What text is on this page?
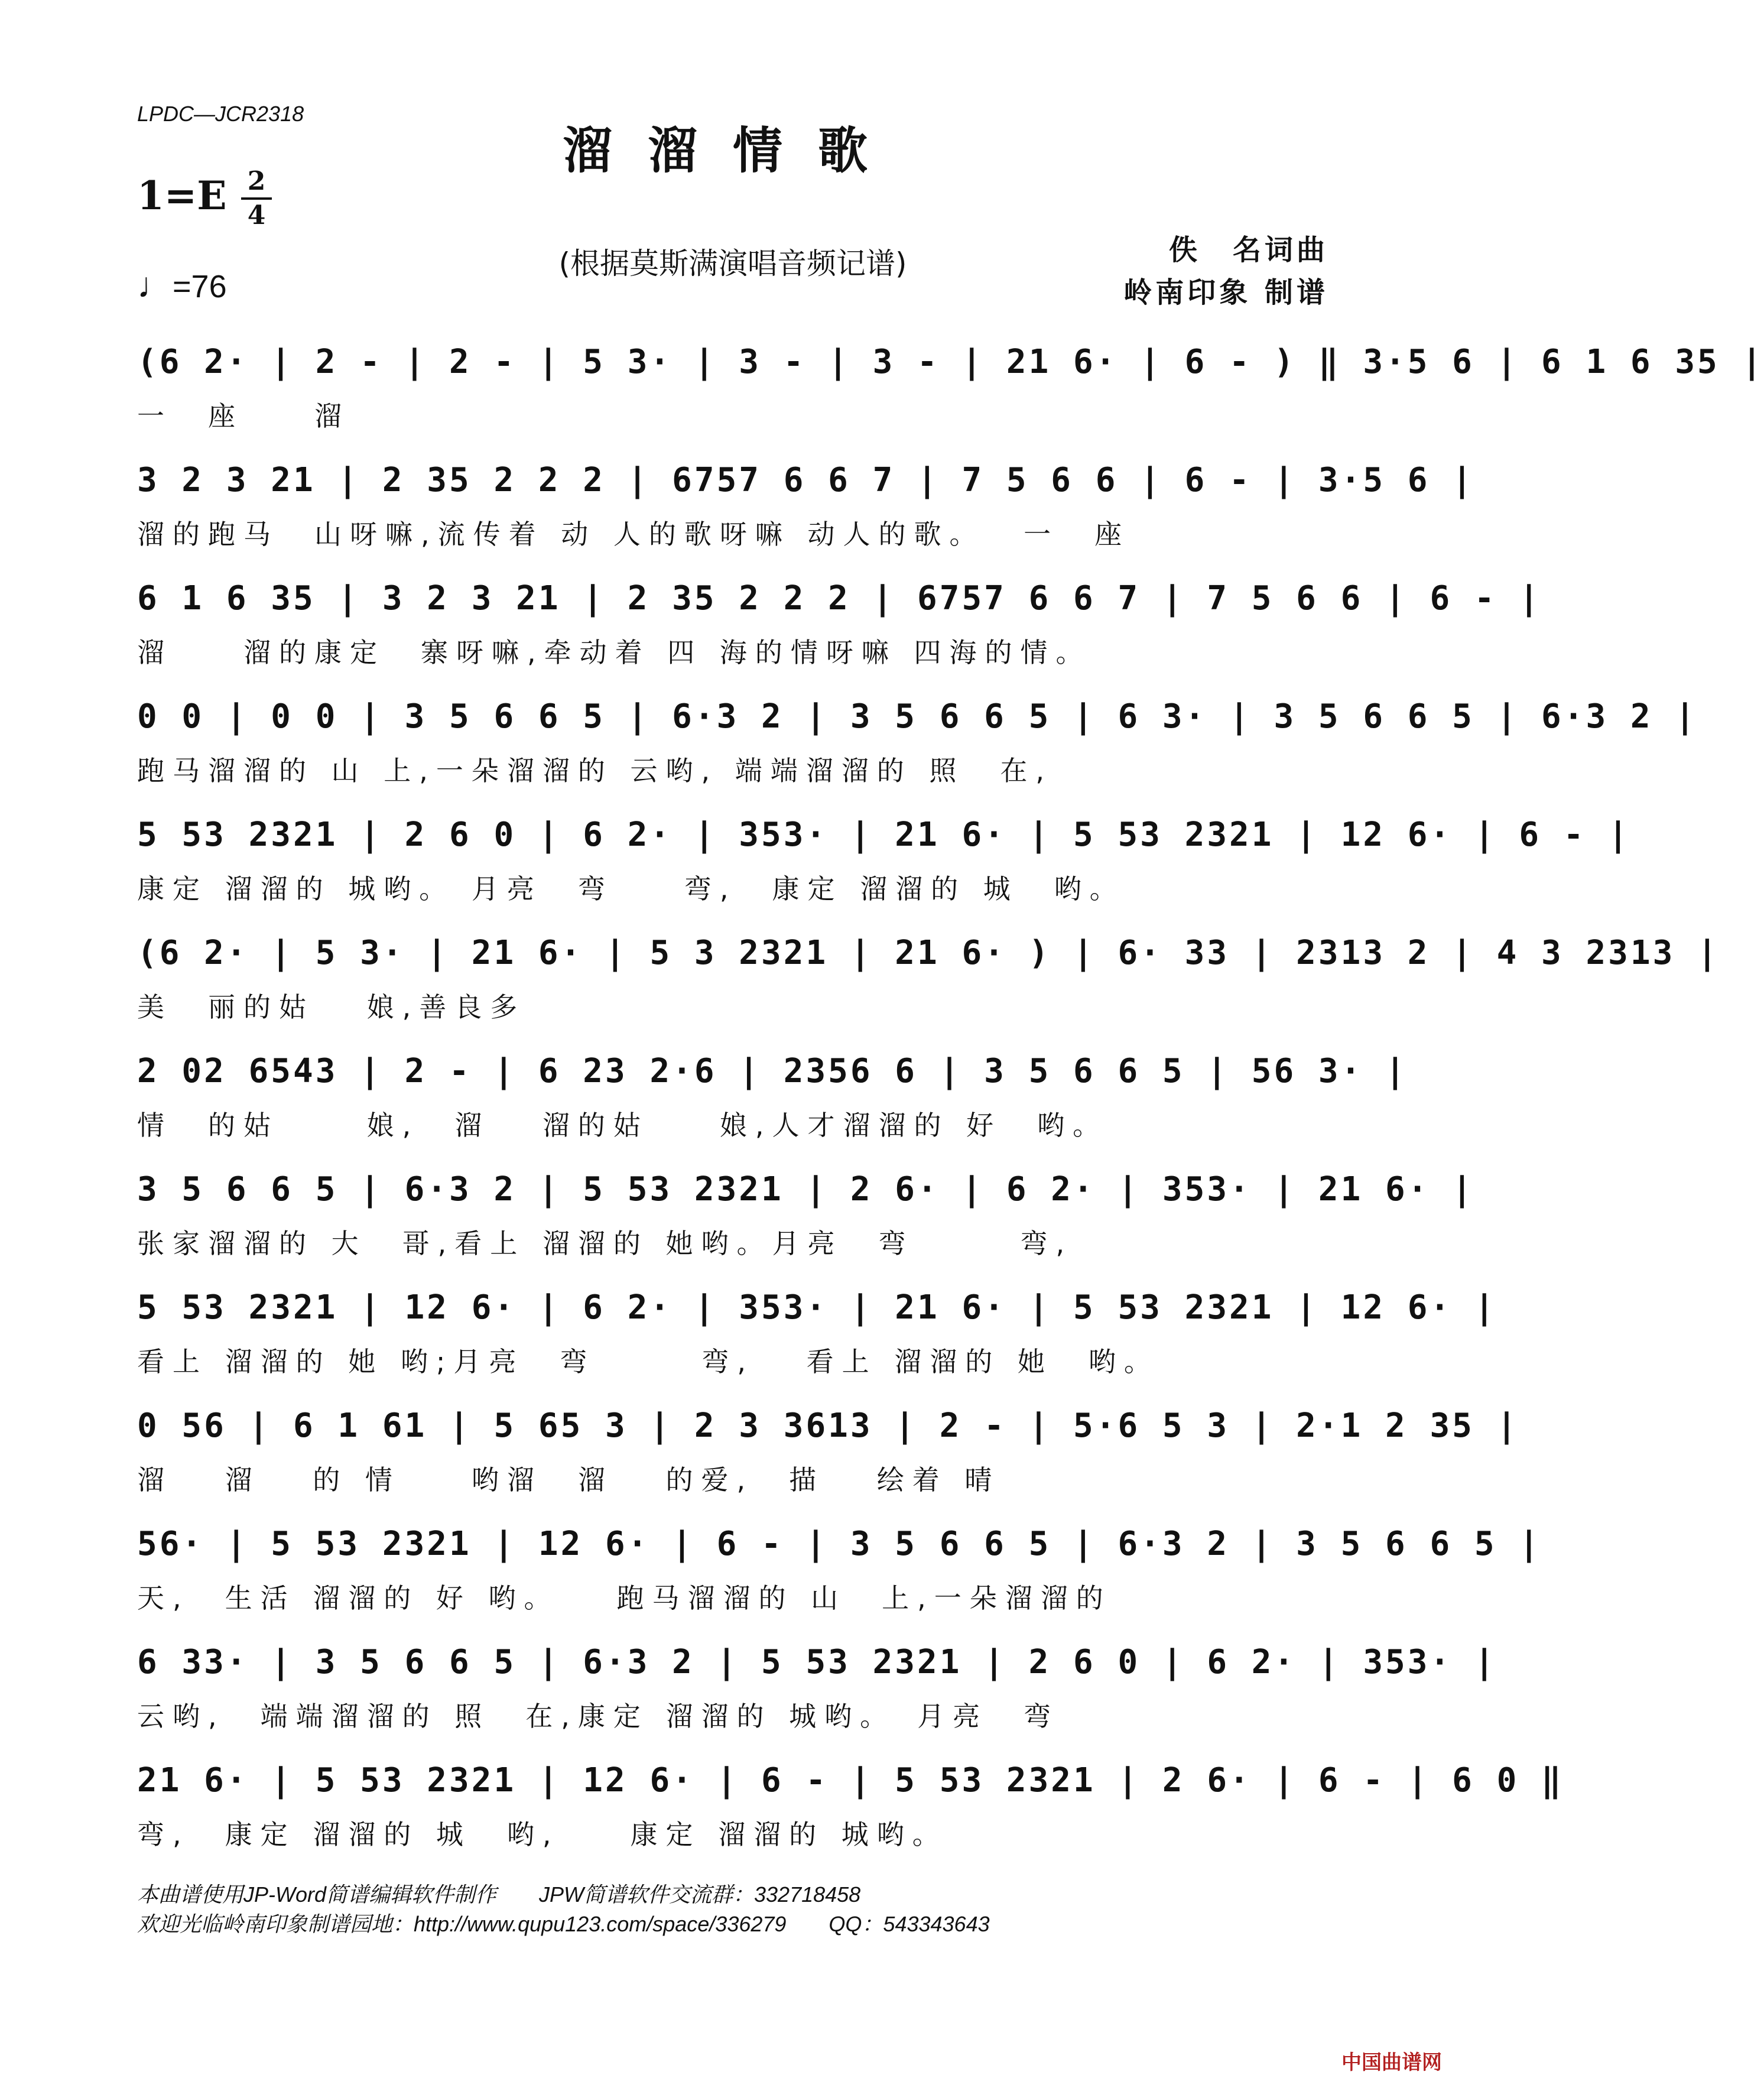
LPDC—JCR2318
溜溜情歌
1=E 2
4
♩=76
(根据莫斯满演唱音频记谱)	佚　名词曲
岭南印象 制谱
(6 2· | 2 - | 2 - | 5 3· | 3 - | 3 - | 21 6· | 6 - ) ‖ 3·5 6 | 6 1 6 35 |
一　座　　溜
3 2 3 21 | 2 35 2 2 2 | 6757 6 6 7 | 7 5 6 6 | 6 - | 3·5 6 |
溜的跑马　山呀嘛,流传着 动 人的歌呀嘛 动人的歌。　 一　座
6 1 6 35 | 3 2 3 21 | 2 35 2 2 2 | 6757 6 6 7 | 7 5 6 6 | 6 - |
溜　　溜的康定　寨呀嘛,牵动着 四 海的情呀嘛 四海的情。
0 0 | 0 0 | 3 5 6 6 5 | 6·3 2 | 3 5 6 6 5 | 6 3· | 3 5 6 6 5 | 6·3 2 |
跑马溜溜的 山 上,一朵溜溜的 云哟, 端端溜溜的 照　在,
5 53 2321 | 2 6 0 | 6 2· | 353· | 21 6· | 5 53 2321 | 12 6· | 6 - |
康定 溜溜的 城哟。 月亮　弯　　弯,　康定 溜溜的 城　哟。
(6 2· | 5 3· | 21 6· | 5 3 2321 | 21 6· ) | 6· 33 | 2313 2 | 4 3 2313 |
美　丽的姑　 娘,善良多
2 02 6543 | 2 - | 6 23 2·6 | 2356 6 | 3 5 6 6 5 | 56 3· |
情　的姑　　 娘,　溜　 溜的姑　　娘,人才溜溜的 好　哟。
3 5 6 6 5 | 6·3 2 | 5 53 2321 | 2 6· | 6 2· | 353· | 21 6· |
张家溜溜的 大　哥,看上 溜溜的 她哟。月亮　弯　　　弯,
5 53 2321 | 12 6· | 6 2· | 353· | 21 6· | 5 53 2321 | 12 6· |
看上 溜溜的 她 哟;月亮　弯　　　弯,　 看上 溜溜的 她　哟。
0 56 | 6 1 61 | 5 65 3 | 2 3 3613 | 2 - | 5·6 5 3 | 2·1 2 35 |
溜　 溜　 的 情　　哟溜　溜　 的爱,　描　 绘着 晴
56· | 5 53 2321 | 12 6· | 6 - | 3 5 6 6 5 | 6·3 2 | 3 5 6 6 5 |
天,　生活 溜溜的 好 哟。　　跑马溜溜的 山　上,一朵溜溜的
6 33· | 3 5 6 6 5 | 6·3 2 | 5 53 2321 | 2 6 0 | 6 2· | 353· |
云哟,　端端溜溜的 照　在,康定 溜溜的 城哟。　月亮　弯
21 6· | 5 53 2321 | 12 6· | 6 - | 5 53 2321 | 2 6· | 6 - | 6 0 ‖
弯,　康定 溜溜的 城　哟,　　康定 溜溜的 城哟。
本曲谱使用JP-Word简谱编辑软件制作　　JPW简谱软件交流群：332718458
欢迎光临岭南印象制谱园地：http://www.qupu123.com/space/336279　　QQ：543343643
中国曲谱网
